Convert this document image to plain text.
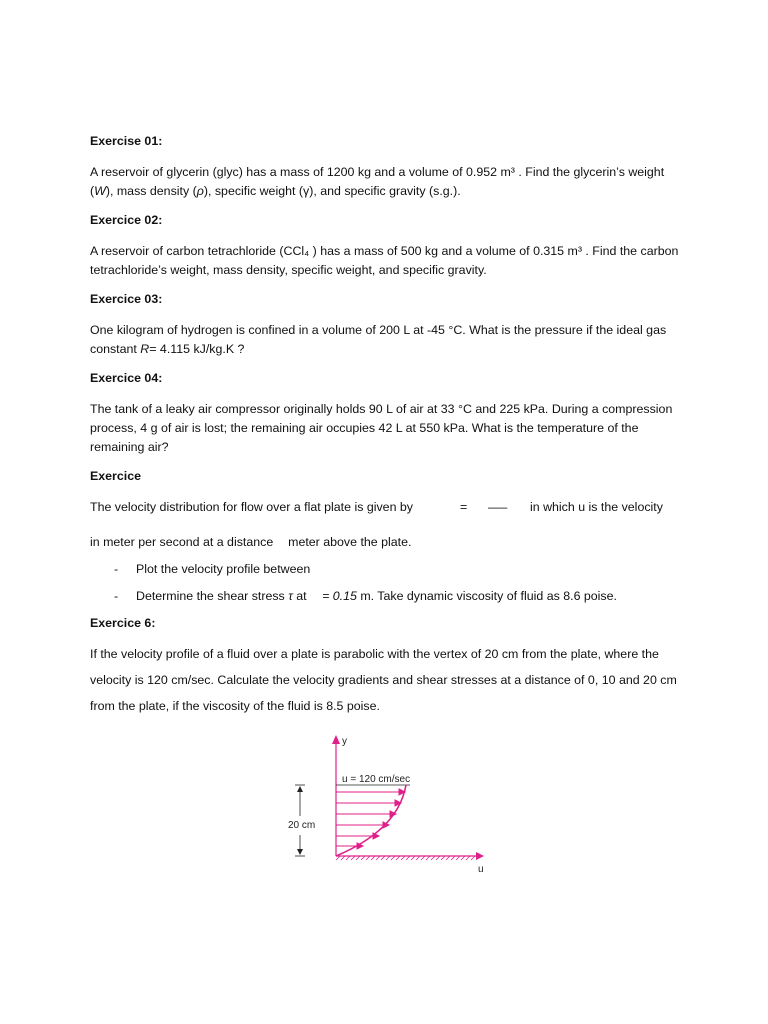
Exercise 01:
A reservoir of glycerin (glyc) has a mass of 1200 kg and a volume of 0.952 m³ . Find the glycerin’s weight
(W), mass density (ρ), specific weight (γ), and specific gravity (s.g.).
Exercice 02:
A reservoir of carbon tetrachloride (CCl₄ ) has a mass of 500 kg and a volume of 0.315 m³ . Find the carbon tetrachloride’s weight, mass density, specific weight, and specific gravity.
Exercice 03:
One kilogram of hydrogen is confined in a volume of 200 L at -45 °C. What is the pressure if the ideal gas
constant R= 4.115 kJ/kg.K ?
Exercice 04:
The tank of a leaky air compressor originally holds 90 L of air at 33 °C and 225 kPa. During a compression process, 4 g of air is lost; the remaining air occupies 42 L at 550 kPa. What is the temperature of the remaining air?
Exercice
The velocity distribution for flow over a flat plate is given by	= —– in which u is the velocity
in meter per second at a distance meter above the plate.
- Plot the velocity profile between
- Determine the shear stress τ at = 0.15 m. Take dynamic viscosity of fluid as 8.6 poise.
Exercice 6:
If the velocity profile of a fluid over a plate is parabolic with the vertex of 20 cm from the plate, where the velocity is 120 cm/sec. Calculate the velocity gradients and shear stresses at a distance of 0, 10 and 20 cm from the plate, if the viscosity of the fluid is 8.5 poise.
y
u
u = 120 cm/sec
20 cm
